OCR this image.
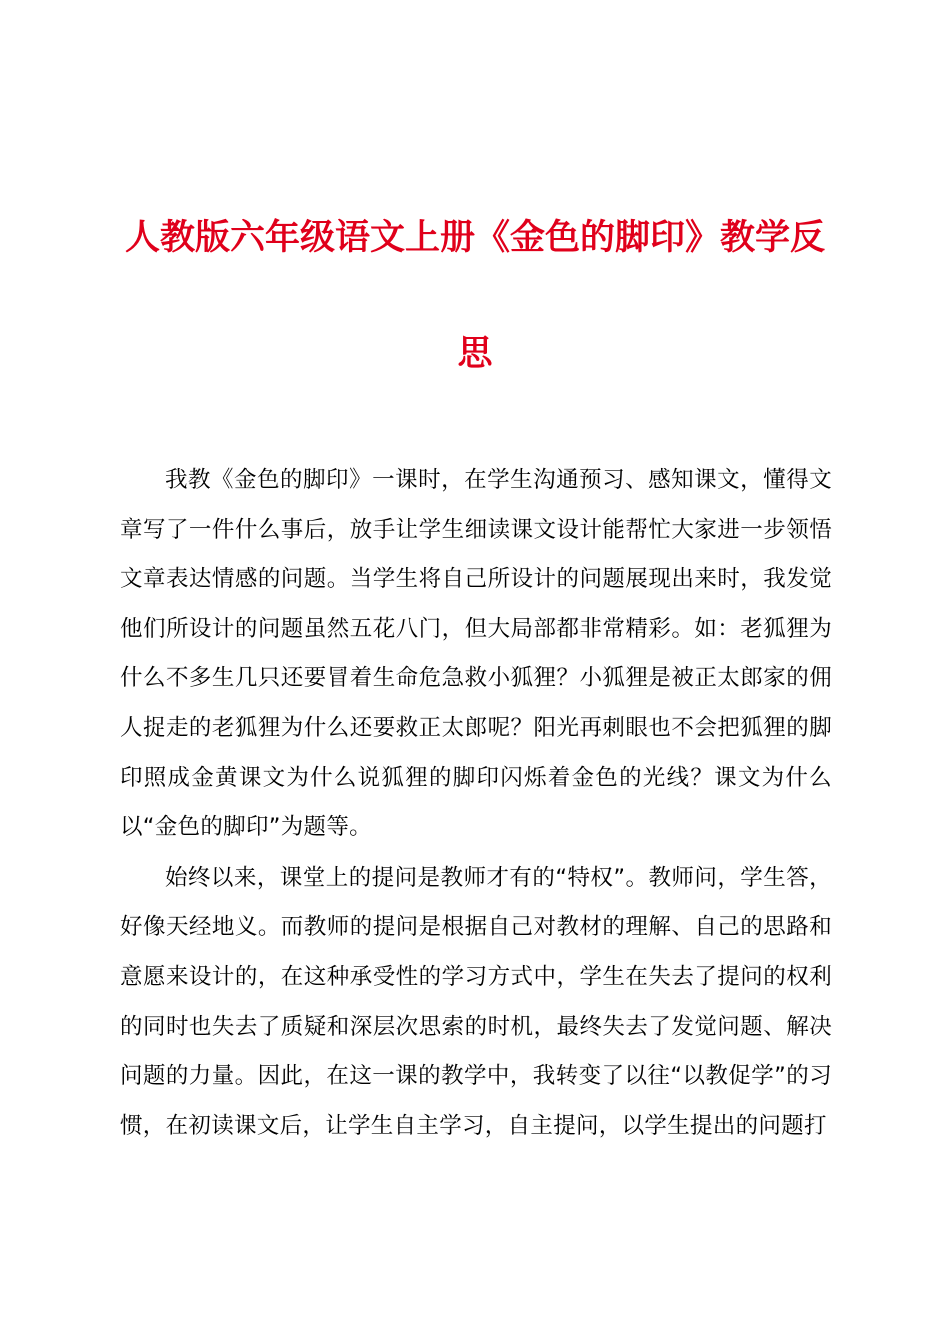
人教版六年级语文上册《金色的脚印》教学反
思

我教《金色的脚印》一课时，在学生沟通预习、感知课文，懂得文章写了一件什么事后，放手让学生细读课文设计能帮忙大家进一步领悟文章表达情感的问题。当学生将自己所设计的问题展现出来时，我发觉他们所设计的问题虽然五花八门，但大局部都非常精彩。如：老狐狸为什么不多生几只还要冒着生命危急救小狐狸？小狐狸是被正太郎家的佣人捉走的老狐狸为什么还要救正太郎呢？阳光再刺眼也不会把狐狸的脚印照成金黄课文为什么说狐狸的脚印闪烁着金色的光线？课文为什么以“金色的脚印”为题等。

始终以来，课堂上的提问是教师才有的“特权”。教师问，学生答，好像天经地义。而教师的提问是根据自己对教材的理解、自己的思路和意愿来设计的，在这种承受性的学习方式中，学生在失去了提问的权利的同时也失去了质疑和深层次思索的时机，最终失去了发觉问题、解决问题的力量。因此，在这一课的教学中，我转变了以往“以教促学”的习惯，在初读课文后，让学生自主学习，自主提问，以学生提出的问题打
